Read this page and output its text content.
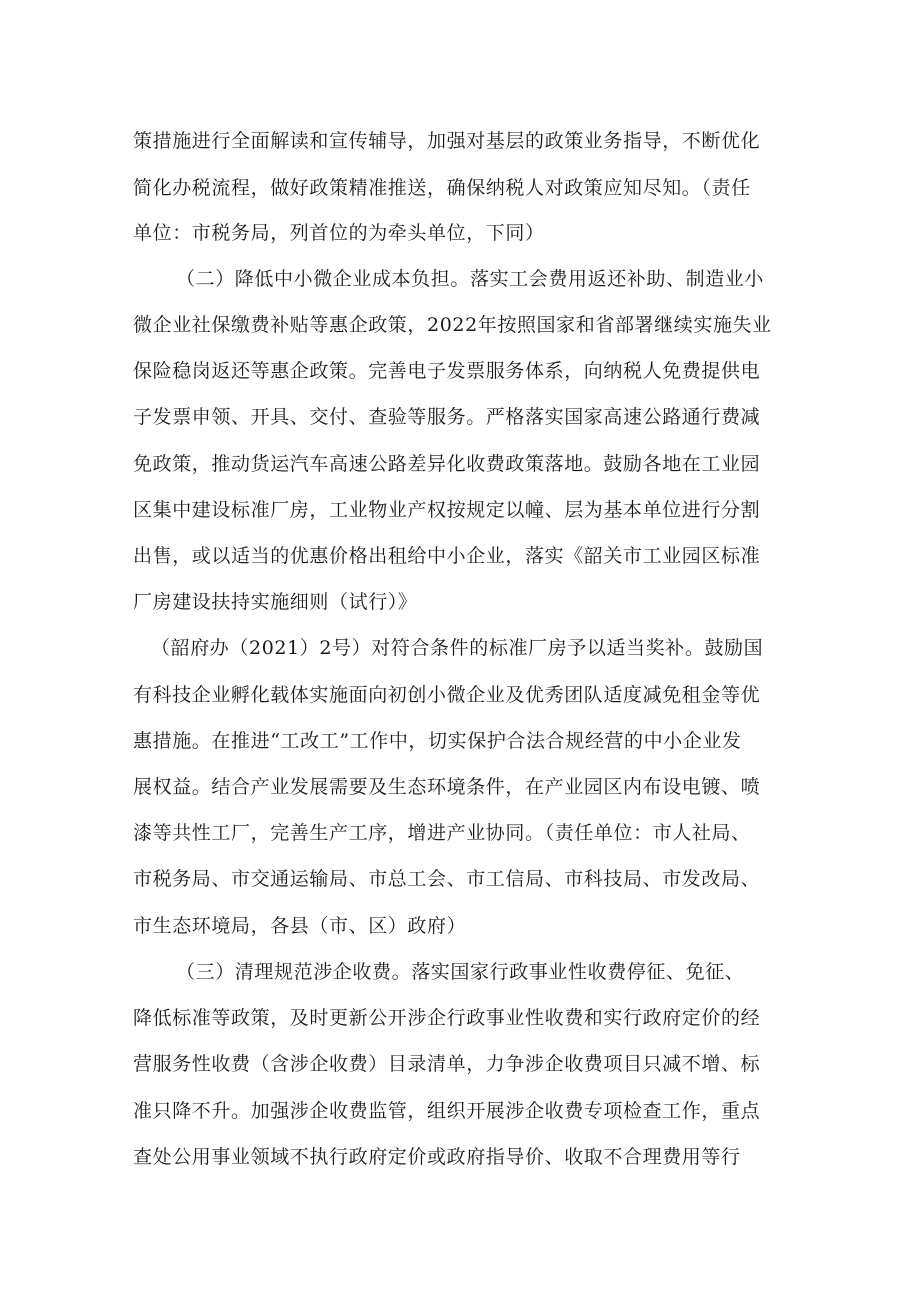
策措施进行全面解读和宣传辅导，加强对基层的政策业务指导，不断优化
简化办税流程，做好政策精准推送，确保纳税人对政策应知尽知。（责任
单位：市税务局，列首位的为牵头单位，下同）
（二）降低中小微企业成本负担。落实工会费用返还补助、制造业小
微企业社保缴费补贴等惠企政策，2022年按照国家和省部署继续实施失业
保险稳岗返还等惠企政策。完善电子发票服务体系，向纳税人免费提供电
子发票申领、开具、交付、查验等服务。严格落实国家高速公路通行费减
免政策，推动货运汽车高速公路差异化收费政策落地。鼓励各地在工业园
区集中建设标准厂房，工业物业产权按规定以幢、层为基本单位进行分割
出售，或以适当的优惠价格出租给中小企业，落实《韶关市工业园区标准
厂房建设扶持实施细则（试行）》
（韶府办（2021）2号）对符合条件的标准厂房予以适当奖补。鼓励国
有科技企业孵化载体实施面向初创小微企业及优秀团队适度减免租金等优
惠措施。在推进“工改工”工作中，切实保护合法合规经营的中小企业发
展权益。结合产业发展需要及生态环境条件，在产业园区内布设电镀、喷
漆等共性工厂，完善生产工序，增进产业协同。（责任单位：市人社局、
市税务局、市交通运输局、市总工会、市工信局、市科技局、市发改局、
市生态环境局，各县（市、区）政府）
（三）清理规范涉企收费。落实国家行政事业性收费停征、免征、
降低标准等政策，及时更新公开涉企行政事业性收费和实行政府定价的经
营服务性收费（含涉企收费）目录清单，力争涉企收费项目只减不增、标
准只降不升。加强涉企收费监管，组织开展涉企收费专项检查工作，重点
查处公用事业领域不执行政府定价或政府指导价、收取不合理费用等行
